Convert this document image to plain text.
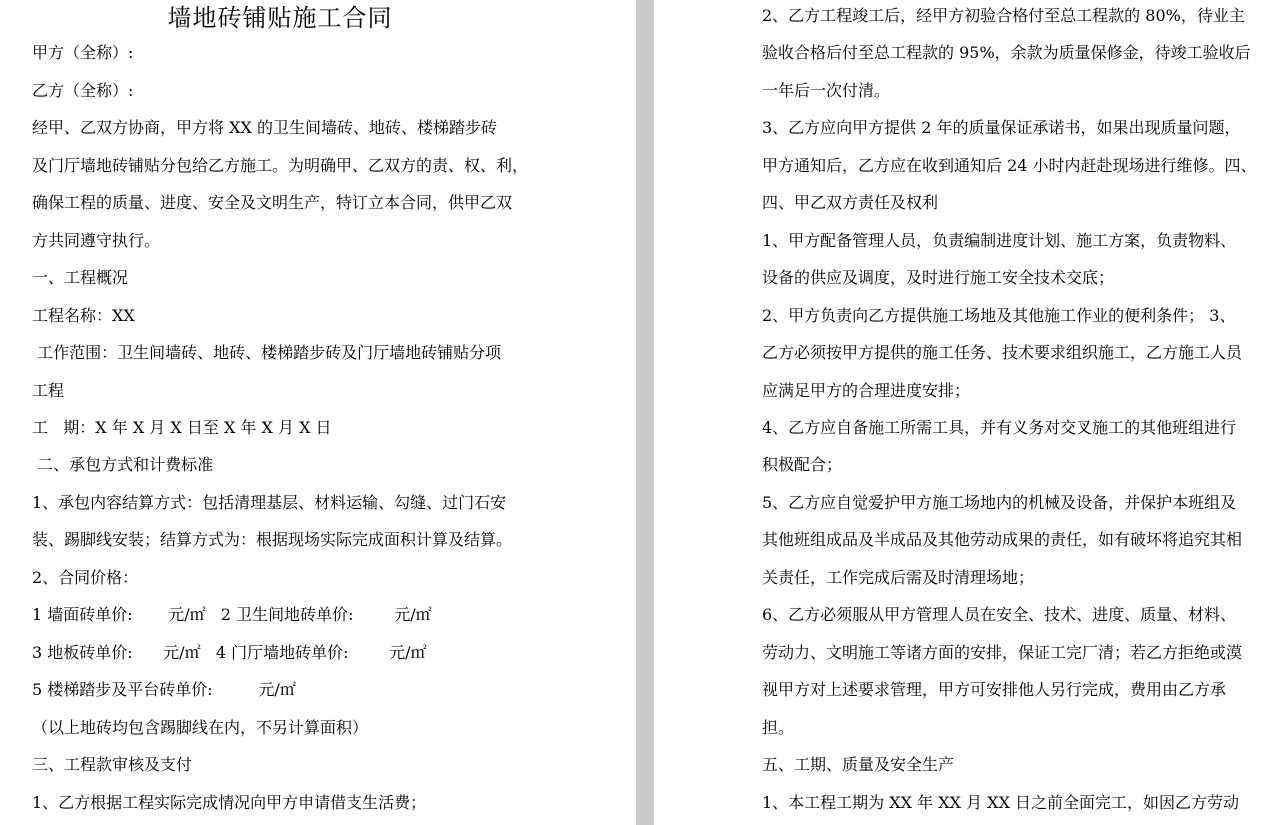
墙地砖铺贴施工合同
甲方（全称）:
乙方（全称）:
经甲、乙双方协商，甲方将 XX 的卫生间墙砖、地砖、楼梯踏步砖
及门厅墙地砖铺贴分包给乙方施工。为明确甲、乙双方的责、权、利，
确保工程的质量、进度、安全及文明生产，特订立本合同，供甲乙双
方共同遵守执行。
一、工程概况
工程名称：XX
工作范围：卫生间墙砖、地砖、楼梯踏步砖及门厅墙地砖铺贴分项
工程
工   期：X 年 X 月 X 日至 X 年 X 月 X 日
二、承包方式和计费标准
1、承包内容结算方式：包括清理基层、材料运输、勾缝、过门石安
装、踢脚线安装；结算方式为：根据现场实际完成面积计算及结算。
2、合同价格：
1 墙面砖单价:       元/㎡   2 卫生间地砖单价:        元/㎡
3 地板砖单价:      元/㎡   4 门厅墙地砖单价:        元/㎡
5 楼梯踏步及平台砖单价:         元/㎡
（以上地砖均包含踢脚线在内，不另计算面积）
三、工程款审核及支付
1、乙方根据工程实际完成情况向甲方申请借支生活费；
2、乙方工程竣工后，经甲方初验合格付至总工程款的 80%，待业主
验收合格后付至总工程款的 95%，余款为质量保修金，待竣工验收后
一年后一次付清。
3、乙方应向甲方提供 2 年的质量保证承诺书，如果出现质量问题，
甲方通知后，乙方应在收到通知后 24 小时内赶赴现场进行维修。四、
四、甲乙双方责任及权利
1、甲方配备管理人员，负责编制进度计划、施工方案，负责物料、
设备的供应及调度，及时进行施工安全技术交底；
2、甲方负责向乙方提供施工场地及其他施工作业的便利条件； 3、
乙方必须按甲方提供的施工任务、技术要求组织施工，乙方施工人员
应满足甲方的合理进度安排；
4、乙方应自备施工所需工具，并有义务对交叉施工的其他班组进行
积极配合；
5、乙方应自觉爱护甲方施工场地内的机械及设备，并保护本班组及
其他班组成品及半成品及其他劳动成果的责任，如有破坏将追究其相
关责任，工作完成后需及时清理场地；
6、乙方必须服从甲方管理人员在安全、技术、进度、质量、材料、
劳动力、文明施工等诸方面的安排，保证工完厂清；若乙方拒绝或漠
视甲方对上述要求管理，甲方可安排他人另行完成，费用由乙方承
担。
五、工期、质量及安全生产
1、本工程工期为 XX 年 XX 月 XX 日之前全面完工，如因乙方劳动
